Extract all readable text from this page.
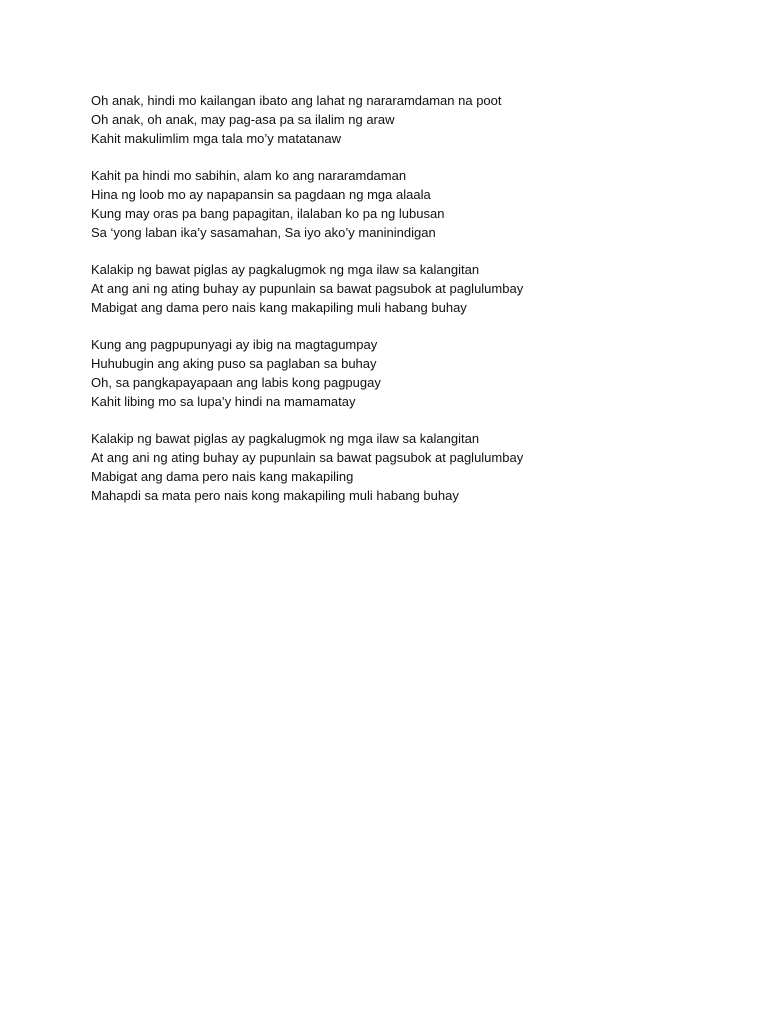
Oh anak, hindi mo kailangan ibato ang lahat ng nararamdaman na poot
Oh anak, oh anak, may pag-asa pa sa ilalim ng araw
Kahit makulimlim mga tala mo’y matatanaw
Kahit pa hindi mo sabihin, alam ko ang nararamdaman
Hina ng loob mo ay napapansin sa pagdaan ng mga alaala
Kung may oras pa bang papagitan, ilalaban ko pa ng lubusan
Sa ‘yong laban ika’y sasamahan, Sa iyo ako’y maninindigan
Kalakip ng bawat piglas ay pagkalugmok ng mga ilaw sa kalangitan
At ang ani ng ating buhay ay pupunlain sa bawat pagsubok at paglulumbay
Mabigat ang dama pero nais kang makapiling muli habang buhay
Kung ang pagpupunyagi ay ibig na magtagumpay
Huhubugin ang aking puso sa paglaban sa buhay
Oh, sa pangkapayapaan ang labis kong pagpugay
Kahit libing mo sa lupa’y hindi na mamamatay
Kalakip ng bawat piglas ay pagkalugmok ng mga ilaw sa kalangitan
At ang ani ng ating buhay ay pupunlain sa bawat pagsubok at paglulumbay
Mabigat ang dama pero nais kang makapiling
Mahapdi sa mata pero nais kong makapiling muli habang buhay
